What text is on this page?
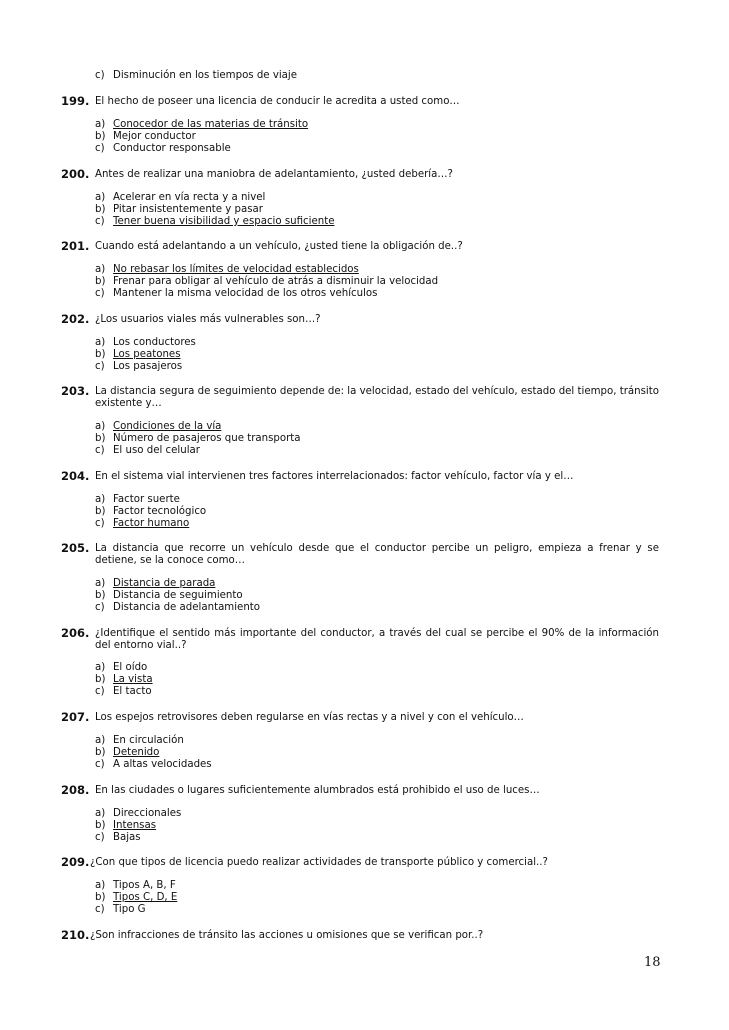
c) Disminución en los tiempos de viaje
199. El hecho de poseer una licencia de conducir le acredita a usted como…
a) Conocedor de las materias de tránsito
b) Mejor conductor
c) Conductor responsable
200. Antes de realizar una maniobra de adelantamiento, ¿usted debería…?
a) Acelerar en vía recta y a nivel
b) Pitar insistentemente y pasar
c) Tener buena visibilidad y espacio suficiente
201. Cuando está adelantando a un vehículo, ¿usted tiene la obligación de..?
a) No rebasar los límites de velocidad establecidos
b) Frenar para obligar al vehículo de atrás a disminuir la velocidad
c) Mantener la misma velocidad de los otros vehículos
202. ¿Los usuarios viales más vulnerables son…?
a) Los conductores
b) Los peatones
c) Los pasajeros
203. La distancia segura de seguimiento depende de: la velocidad, estado del vehículo, estado del tiempo, tránsito existente y…
a) Condiciones de la vía
b) Número de pasajeros que transporta
c) El uso del celular
204. En el sistema vial intervienen tres factores interrelacionados: factor vehículo, factor vía y el…
a) Factor suerte
b) Factor tecnológico
c) Factor humano
205. La distancia que recorre un vehículo desde que el conductor percibe un peligro, empieza a frenar y se detiene, se la conoce como…
a) Distancia de parada
b) Distancia de seguimiento
c) Distancia de adelantamiento
206. ¿Identifique el sentido más importante del conductor, a través del cual se percibe el 90% de la información del entorno vial..?
a) El oído
b) La vista
c) El tacto
207. Los espejos retrovisores deben regularse en vías rectas y a nivel y con el vehículo…
a) En circulación
b) Detenido
c) A altas velocidades
208. En las ciudades o lugares suficientemente alumbrados está prohibido el uso de luces…
a) Direccionales
b) Intensas
c) Bajas
209. ¿Con que tipos de licencia puedo realizar actividades de transporte público y comercial..?
a) Tipos A, B, F
b) Tipos C, D, E
c) Tipo G
210. ¿Son infracciones de tránsito las acciones u omisiones que se verifican por..?
18
